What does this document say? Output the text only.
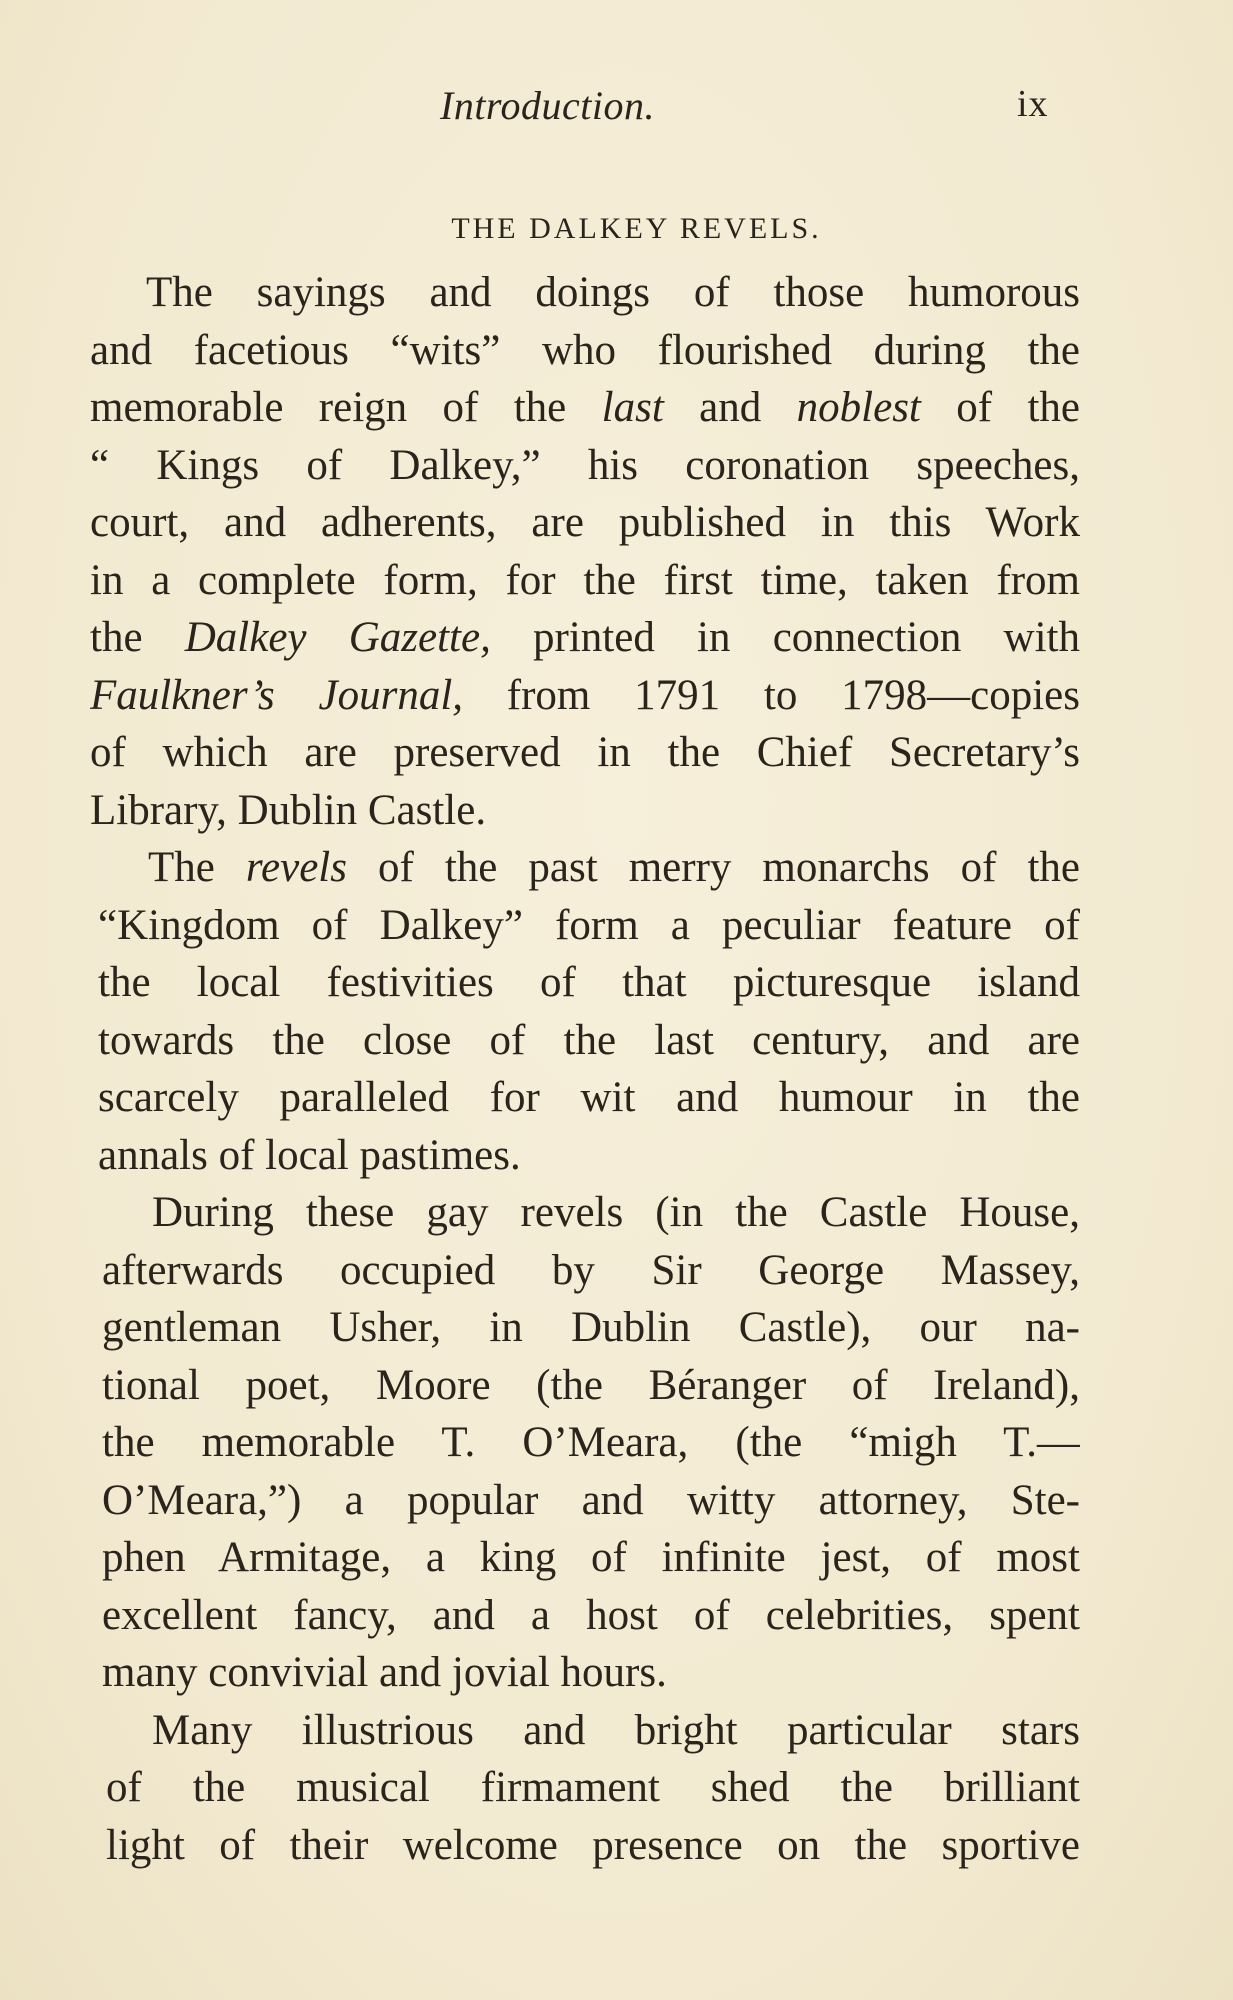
Introduction.	ix
THE DALKEY REVELS.
The sayings and doings of those humorous
and facetious “wits” who flourished during the
memorable reign of the last and noblest of the
“ Kings of Dalkey,” his coronation speeches,
court, and adherents, are published in this Work
in a complete form, for the first time, taken from
the Dalkey Gazette, printed in connection with
Faulkner’s Journal, from 1791 to 1798—copies
of which are preserved in the Chief Secretary’s
Library, Dublin Castle.
The revels of the past merry monarchs of the
“Kingdom of Dalkey” form a peculiar feature of
the local festivities of that picturesque island
towards the close of the last century, and are
scarcely paralleled for wit and humour in the
annals of local pastimes.
During these gay revels (in the Castle House,
afterwards occupied by Sir George Massey,
gentleman Usher, in Dublin Castle), our na-
tional poet, Moore (the Béranger of Ireland),
the memorable T. O’Meara, (the “migh T.—
O’Meara,”) a popular and witty attorney, Ste-
phen Armitage, a king of infinite jest, of most
excellent fancy, and a host of celebrities, spent
many convivial and jovial hours.
Many illustrious and bright particular stars
of the musical firmament shed the brilliant
light of their welcome presence on the sportive
